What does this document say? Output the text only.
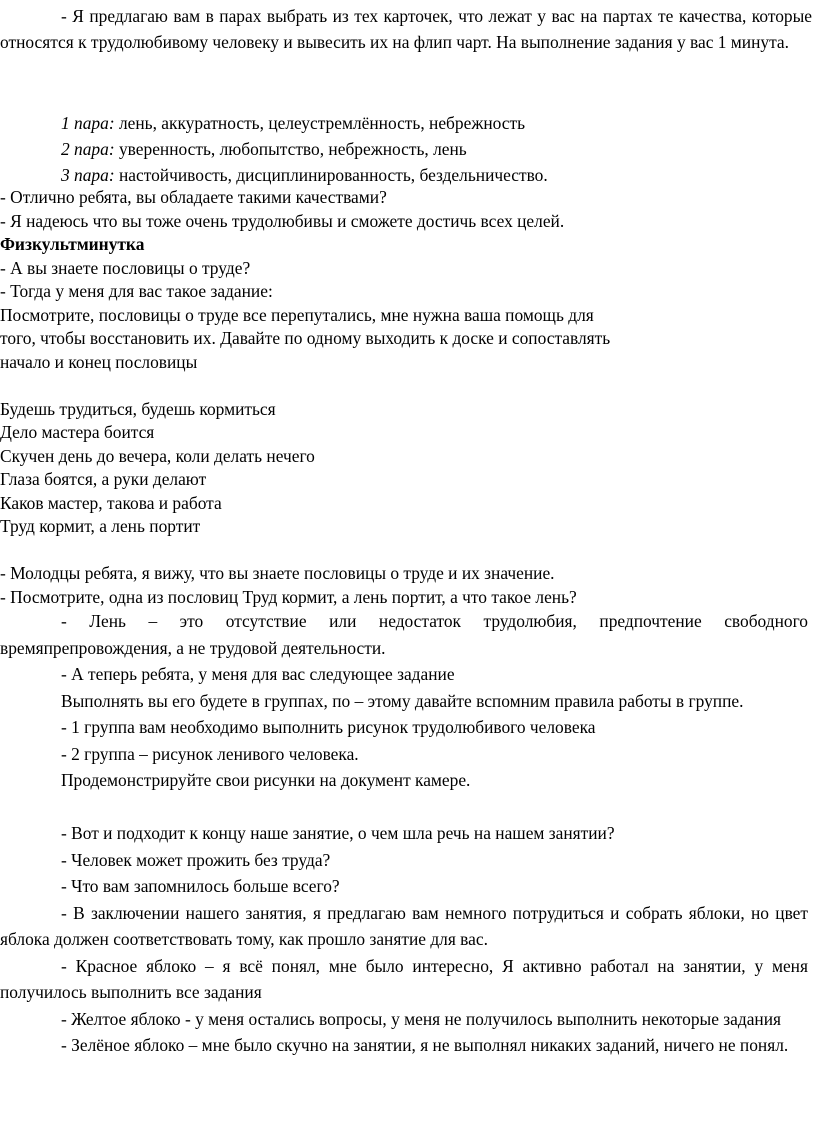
- Я предлагаю вам в парах выбрать из тех карточек, что лежат у вас на партах те качества, которые относятся к трудолюбивому человеку и вывесить их на флип чарт. На выполнение задания у вас 1 минута.

1 пара: лень, аккуратность, целеустремлённость, небрежность

2 пара: уверенность, любопытство, небрежность, лень

3 пара: настойчивость, дисциплинированность, бездельничество.

- Отлично ребята, вы обладаете такими качествами?

- Я надеюсь что вы тоже очень трудолюбивы и сможете достичь всех целей.

Физкультминутка

- А вы знаете пословицы о труде?

- Тогда у меня для вас такое задание:

Посмотрите, пословицы о труде все перепутались, мне нужна ваша помощь для

того, чтобы восстановить их. Давайте по одному выходить к доске и сопоставлять

начало и конец пословицы

Будешь трудиться, будешь кормиться

Дело мастера боится

Скучен день до вечера, коли делать нечего

Глаза боятся, а руки делают

Каков мастер, такова и работа

Труд кормит, а лень портит

- Молодцы ребята, я вижу, что вы знаете пословицы о труде и их значение.

- Посмотрите, одна из пословиц Труд кормит, а лень портит, а что такое лень?

- Лень – это отсутствие или недостаток трудолюбия, предпочтение свободного времяпрепровождения, а не трудовой деятельности.

- А теперь ребята, у меня для вас следующее задание

Выполнять вы его будете в группах, по – этому давайте вспомним правила работы в группе.

- 1 группа вам необходимо выполнить рисунок трудолюбивого человека

- 2 группа – рисунок ленивого человека.

Продемонстрируйте свои рисунки на документ камере.

- Вот и подходит к концу наше занятие, о чем шла речь на нашем занятии?

- Человек может прожить без труда?

- Что вам запомнилось больше всего?

- В заключении нашего занятия, я предлагаю вам немного потрудиться и собрать яблоки, но цвет яблока должен соответствовать тому, как прошло занятие для вас.

- Красное яблоко – я всё понял, мне было интересно, Я активно работал на занятии, у меня получилось выполнить все задания

- Желтое яблоко - у меня остались вопросы, у меня не получилось выполнить некоторые задания

- Зелёное яблоко – мне было скучно на занятии, я не выполнял никаких заданий, ничего не понял.
